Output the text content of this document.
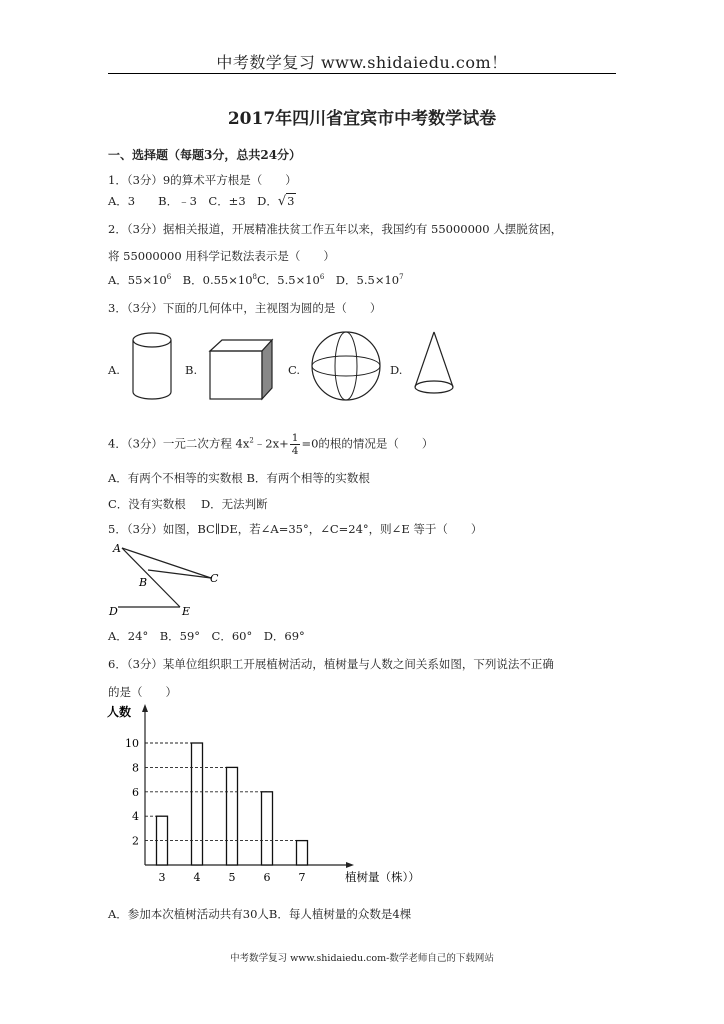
中考数学复习 www.shidaiedu.com！
2017年四川省宜宾市中考数学试卷
一、选择题（每题3分，总共24分）
1．（3分）9的算术平方根是（　　）
A．3　　B．﹣3　C．±3　D．√3
2．（3分）据相关报道，开展精准扶贫工作五年以来，我国约有 55000000 人摆脱贫困，
将 55000000 用科学记数法表示是（　　）
A．$55\times 10^6$　B．$0.55\times 10^8C$．$5.5\times 10^6$　D．$5.5\times 10^7$
3．（3分）下面的几何体中，主视图为圆的是（　　）
A.	B.	C.	D.
4．（3分）一元二次方程 $4x^2﹣2x+ \frac{1}{4} =0$的根的情况是（　　）
A．有两个不相等的实数根 B．有两个相等的实数根
C．没有实数根　 D．无法判断
5．（3分）如图，BC∥DE，若∠A=35°，∠C=24°，则∠E 等于（　　）
A
B	C
D	E
A．24°　B．59°　C．60°　D．69°
6．（3分）某单位组织职工开展植树活动，植树量与人数之间关系如图，下列说法不正确
的是（　　）
人数
植树量（株））
4
3
10
4
8
5
6
6
2
7
A．参加本次植树活动共有30人B．每人植树量的众数是4棵
中考数学复习 www.shidaiedu.com-数学老师自己的下载网站
